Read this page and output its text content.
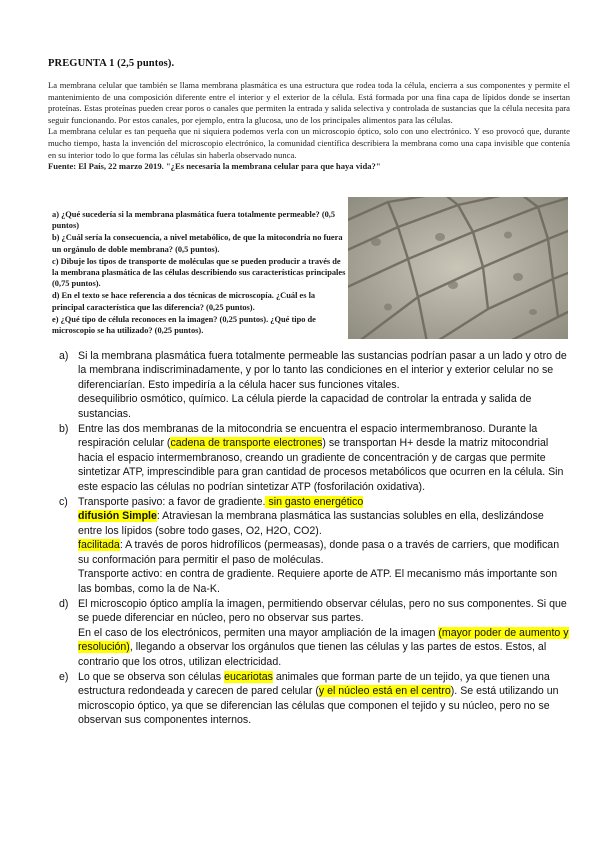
PREGUNTA 1 (2,5 puntos).

La membrana celular que también se llama membrana plasmática es una estructura que rodea toda la célula, encierra a sus componentes y permite el mantenimiento de una composición diferente entre el interior y el exterior de la célula. Está formada por una fina capa de lípidos donde se insertan proteínas. Estas proteínas pueden crear poros o canales que permiten la entrada y salida selectiva y controlada de sustancias que la célula necesita para seguir funcionando. Por estos canales, por ejemplo, entra la glucosa, uno de los principales alimentos para las células.

La membrana celular es tan pequeña que ni siquiera podemos verla con un microscopio óptico, solo con uno electrónico. Y eso provocó que, durante mucho tiempo, hasta la invención del microscopio electrónico, la comunidad científica describiera la membrana como una capa invisible que contenía en su interior todo lo que forma las células sin haberla observado nunca.

Fuente: El País, 22 marzo 2019. "¿Es necesaria la membrana celular para que haya vida?"

a) ¿Qué sucedería si la membrana plasmática fuera totalmente permeable? (0,5 puntos)

b) ¿Cuál sería la consecuencia, a nivel metabólico, de que la mitocondria no fuera un orgánulo de doble membrana? (0,5 puntos).

c) Dibuje los tipos de transporte de moléculas que se pueden producir a través de la membrana plasmática de las células describiendo sus características principales (0,75 puntos).

d) En el texto se hace referencia a dos técnicas de microscopía. ¿Cuál es la principal característica que las diferencia? (0,25 puntos).

e) ¿Qué tipo de célula reconoces en la imagen? (0,25 puntos). ¿Qué tipo de microscopio se ha utilizado? (0,25 puntos).

a) Si la membrana plasmática fuera totalmente permeable las sustancias podrían pasar a un lado y otro de la membrana indiscriminadamente, y por lo tanto las condiciones en el interior y exterior celular no se diferenciarían. Esto impediría a la célula hacer sus funciones vitales.

desequilibrio osmótico, químico. La célula pierde la capacidad de controlar la entrada y salida de sustancias.

b) Entre las dos membranas de la mitocondria se encuentra el espacio intermembranoso. Durante la respiración celular (cadena de transporte electrones) se transportan H+ desde la matriz mitocondrial hacia el espacio intermembranoso, creando un gradiente de concentración y de cargas que permite sintetizar ATP, imprescindible para gran cantidad de procesos metabólicos que ocurren en la célula. Sin este espacio las células no podrían sintetizar ATP (fosforilación oxidativa).

c) Transporte pasivo: a favor de gradiente. sin gasto energético

difusión Simple: Atraviesan la membrana plasmática las sustancias solubles en ella, deslizándose entre los lípidos (sobre todo gases, O2, H2O, CO2).

facilitada: A través de poros hidrofílicos (permeasas), donde pasa o a través de carriers, que modifican su conformación para permitir el paso de moléculas.

Transporte activo: en contra de gradiente. Requiere aporte de ATP. El mecanismo más importante son las bombas, como la de Na-K.

d) El microscopio óptico amplía la imagen, permitiendo observar células, pero no sus componentes. Si que se puede diferenciar en núcleo, pero no observar sus partes.

En el caso de los electrónicos, permiten una mayor ampliación de la imagen (mayor poder de aumento y resolución), llegando a observar los orgánulos que tienen las células y las partes de estos. Estos, al contrario que los otros, utilizan electricidad.

e) Lo que se observa son células eucariotas animales que forman parte de un tejido, ya que tienen una estructura redondeada y carecen de pared celular (y el núcleo está en el centro). Se está utilizando un microscopio óptico, ya que se diferencian las células que componen el tejido y su núcleo, pero no se observan sus componentes internos.
